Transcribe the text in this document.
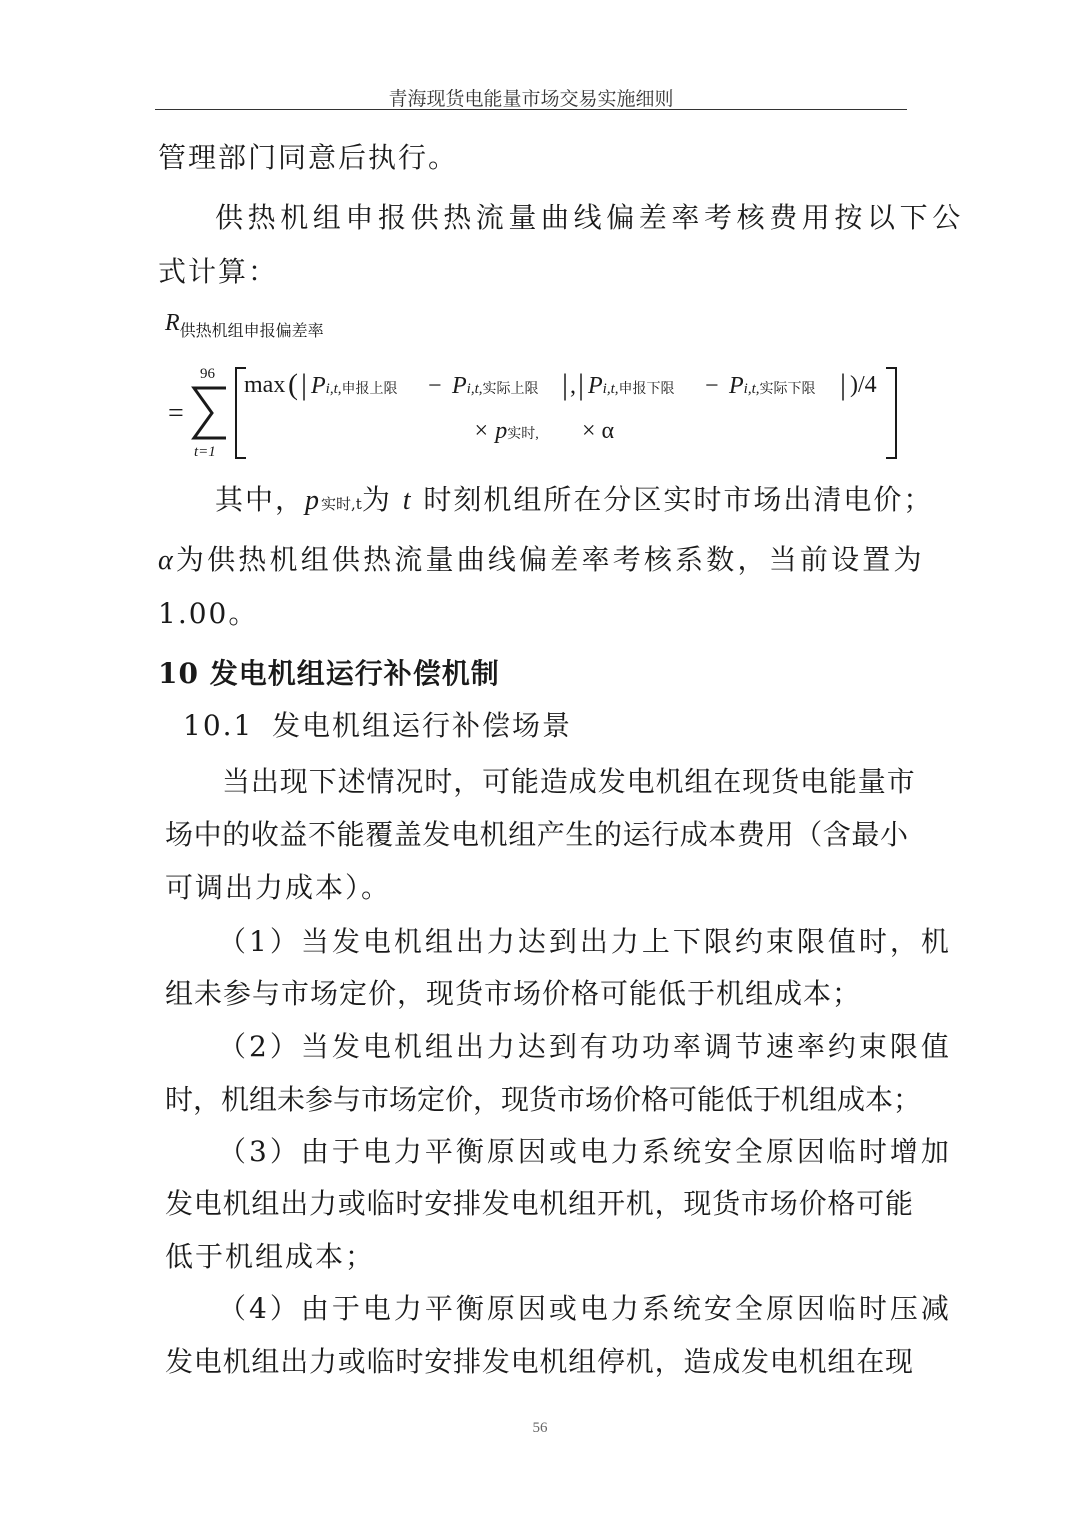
青海现货电能量市场交易实施细则
管理部门同意后执行。
供热机组申报供热流量曲线偏差率考核费用按以下公
式计算：
$R_{供热机组申报偏差率}$
=
96
t=1
max ( | Pi,t,申报上限 − Pi,t,实际上限 | , | Pi,t,申报下限 − Pi,t,实际下限 | )/4
× p实时, × α
其中，p实时,t为 t 时刻机组所在分区实时市场出清电价；
α为供热机组供热流量曲线偏差率考核系数，当前设置为
1.00。
10 发电机组运行补偿机制
10.1 发电机组运行补偿场景
当出现下述情况时，可能造成发电机组在现货电能量市
场中的收益不能覆盖发电机组产生的运行成本费用（含最小
可调出力成本）。
（1）当发电机组出力达到出力上下限约束限值时，机
组未参与市场定价，现货市场价格可能低于机组成本；
（2）当发电机组出力达到有功功率调节速率约束限值
时，机组未参与市场定价，现货市场价格可能低于机组成本；
（3）由于电力平衡原因或电力系统安全原因临时增加
发电机组出力或临时安排发电机组开机，现货市场价格可能
低于机组成本；
（4）由于电力平衡原因或电力系统安全原因临时压减
发电机组出力或临时安排发电机组停机，造成发电机组在现
56
